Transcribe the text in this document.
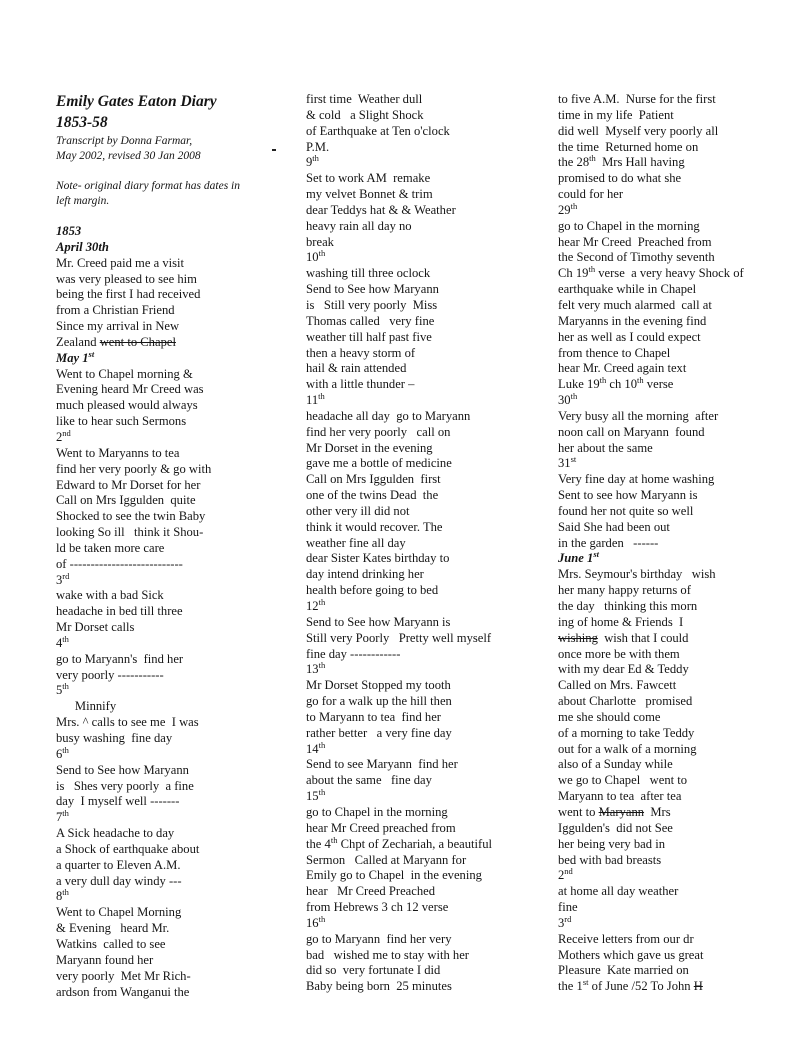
Emily Gates Eaton Diary
1853-58
Transcript by Donna Farmar,
May 2002, revised 30 Jan 2008
Note- original diary format has dates in
left margin.
1853
April 30th
Mr. Creed paid me a visit
was very pleased to see him
being the first I had received
from a Christian Friend
Since my arrival in New
Zealand went to Chapel
May 1st
Went to Chapel morning &
Evening heard Mr Creed was
much pleased would always
like to hear such Sermons
2nd
Went to Maryanns to tea
find her very poorly & go with
Edward to Mr Dorset for her
Call on Mrs Iggulden  quite
Shocked to see the twin Baby
looking So ill   think it Shou-
ld be taken more care
of ---------------------------
3rd
wake with a bad Sick
headache in bed till three
Mr Dorset calls
4th
go to Maryann's  find her
very poorly -----------
5th
Minnify
Mrs. ^ calls to see me  I was
busy washing  fine day
6th
Send to See how Maryann
is   Shes very poorly  a fine
day  I myself well -------
7th
A Sick headache to day
a Shock of earthquake about
a quarter to Eleven A.M.
a very dull day windy ---
8th
Went to Chapel Morning
& Evening   heard Mr.
Watkins  called to see
Maryann found her
very poorly  Met Mr Rich-
ardson from Wanganui the
first time  Weather dull
& cold   a Slight Shock
of Earthquake at Ten o'clock
P.M.
9th
Set to work AM  remake
my velvet Bonnet & trim
dear Teddys hat & & Weather
heavy rain all day no
break
10th
washing till three oclock
Send to See how Maryann
is   Still very poorly  Miss
Thomas called   very fine
weather till half past five
then a heavy storm of
hail & rain attended
with a little thunder –
11th
headache all day  go to Maryann
find her very poorly   call on
Mr Dorset in the evening
gave me a bottle of medicine
Call on Mrs Iggulden  first
one of the twins Dead  the
other very ill did not
think it would recover. The
weather fine all day
dear Sister Kates birthday to
day intend drinking her
health before going to bed
12th
Send to See how Maryann is
Still very Poorly   Pretty well myself
fine day ------------
13th
Mr Dorset Stopped my tooth
go for a walk up the hill then
to Maryann to tea  find her
rather better   a very fine day
14th
Send to see Maryann  find her
about the same   fine day
15th
go to Chapel in the morning
hear Mr Creed preached from
the 4th Chpt of Zechariah, a beautiful
Sermon   Called at Maryann for
Emily go to Chapel  in the evening
hear   Mr Creed Preached
from Hebrews 3 ch 12 verse
16th
go to Maryann  find her very
bad   wished me to stay with her
did so  very fortunate I did
Baby being born  25 minutes
to five A.M.  Nurse for the first
time in my life  Patient
did well  Myself very poorly all
the time  Returned home on
the 28th  Mrs Hall having
promised to do what she
could for her
29th
go to Chapel in the morning
hear Mr Creed  Preached from
the Second of Timothy seventh
Ch 19th verse  a very heavy Shock of
earthquake while in Chapel
felt very much alarmed  call at
Maryanns in the evening find
her as well as I could expect
from thence to Chapel
hear Mr. Creed again text
Luke 19th ch 10th verse
30th
Very busy all the morning  after
noon call on Maryann  found
her about the same
31st
Very fine day at home washing
Sent to see how Maryann is
found her not quite so well
Said She had been out
in the garden   ------
June 1st
Mrs. Seymour's birthday   wish
her many happy returns of
the day   thinking this morn
ing of home & Friends  I
wishing  wish that I could
once more be with them
with my dear Ed & Teddy
Called on Mrs. Fawcett
about Charlotte   promised
me she should come
of a morning to take Teddy
out for a walk of a morning
also of a Sunday while
we go to Chapel   went to
Maryann to tea  after tea
went to Maryann  Mrs
Iggulden's  did not See
her being very bad in
bed with bad breasts
2nd
at home all day weather
fine
3rd
Receive letters from our dr
Mothers which gave us great
Pleasure  Kate married on
the 1st of June /52 To John H
